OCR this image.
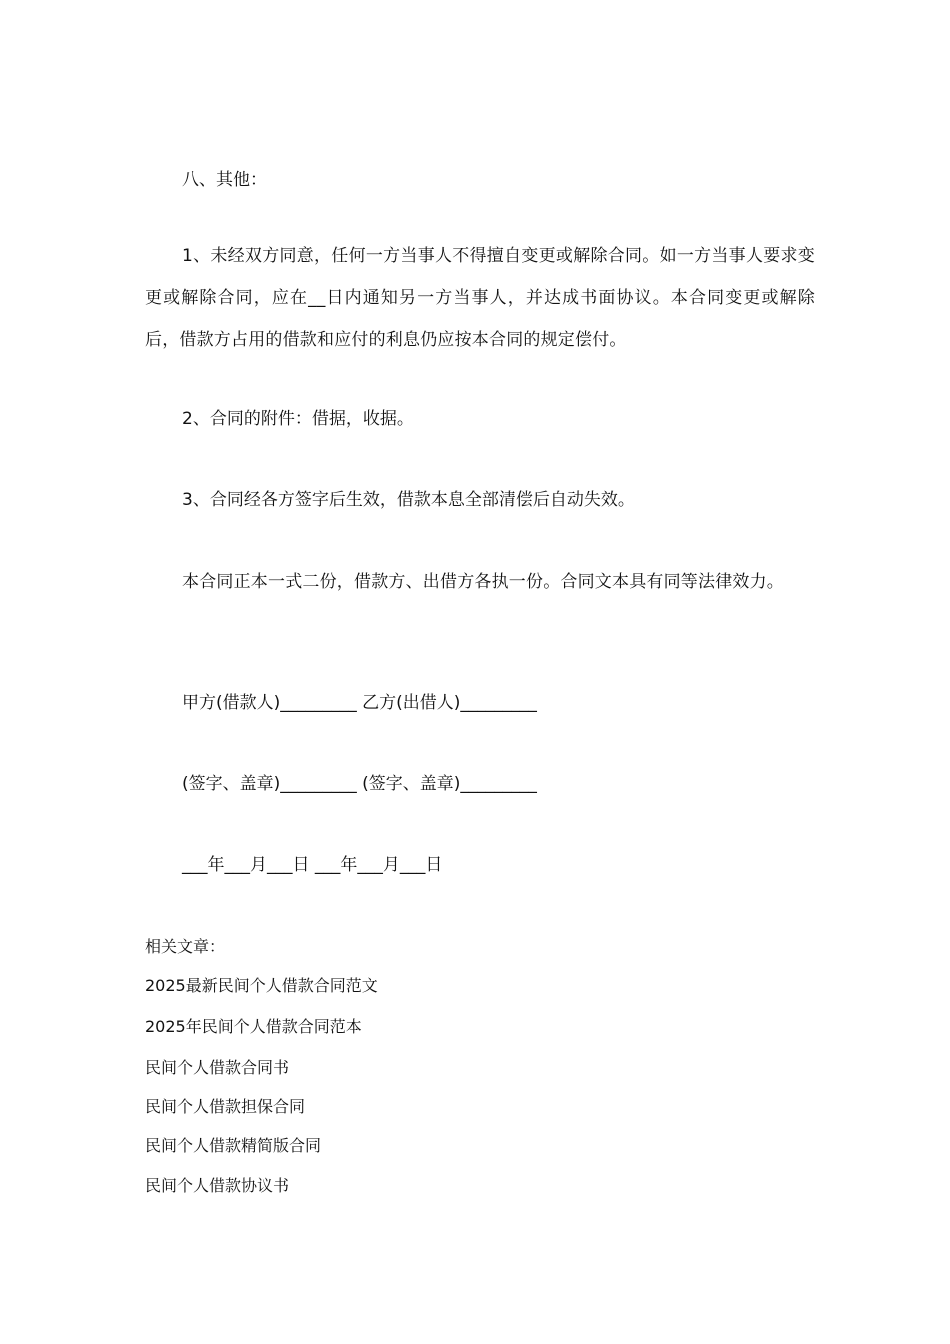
八、其他：

1、未经双方同意，任何一方当事人不得擅自变更或解除合同。如一方当事人要求变更或解除合同，应在__日内通知另一方当事人，并达成书面协议。本合同变更或解除后，借款方占用的借款和应付的利息仍应按本合同的规定偿付。

2、合同的附件：借据，收据。

3、合同经各方签字后生效，借款本息全部清偿后自动失效。

本合同正本一式二份，借款方、出借方各执一份。合同文本具有同等法律效力。

甲方(借款人)_________ 乙方(出借人)_________

(签字、盖章)_________ (签字、盖章)_________

___年___月___日 ___年___月___日

相关文章：

2025最新民间个人借款合同范文
2025年民间个人借款合同范本
民间个人借款合同书
民间个人借款担保合同
民间个人借款精简版合同
民间个人借款协议书
